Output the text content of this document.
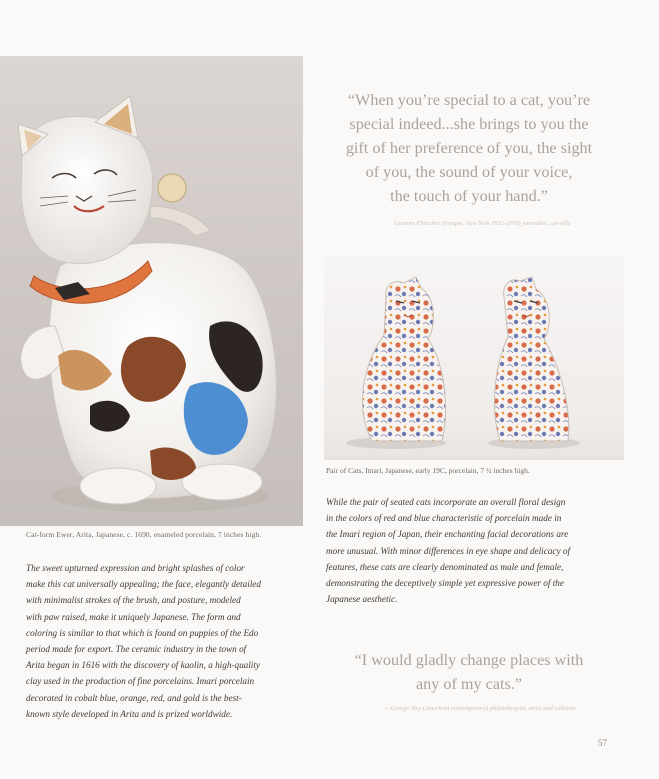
Cat-form Ewer, Arita, Japanese, c. 1690, enameled porcelain, 7 inches high.
The sweet upturned expression and bright splashes of color
make this cat universally appealing; the face, elegantly detailed
with minimalist strokes of the brush, and posture, modeled
with paw raised, make it uniquely Japanese. The form and
coloring is similar to that which is found on puppies of the Edo
period made for export. The ceramic industry in the town of
Arita began in 1616 with the discovery of kaolin, a high-quality
clay used in the production of fine porcelains. Imari porcelain
decorated in cobalt blue, orange, red, and gold is the best-
known style developed in Arita and is prized worldwide.
“When you’re special to a cat, you’re
special indeed...she brings to you the
gift of her preference of you, the sight
of you, the sound of your voice,
the touch of your hand.”
Leonore Fleischer (Unique, New York 1932-2009) journalist, cat-ofile
Pair of Cats, Imari, Japanese, early 19C, porcelain, 7 ½ inches high.
While the pair of seated cats incorporate an overall floral design
in the colors of red and blue characteristic of porcelain made in
the Imari region of Japan, their enchanting facial decorations are
more unusual. With minor differences in eye shape and delicacy of
features, these cats are clearly denominated as male and female,
demonstrating the deceptively simple yet expressive power of the
Japanese aesthetic.
“I would gladly change places with
any of my cats.”
— George Sley (American contemporary) philanthropist, artist and collector
57
